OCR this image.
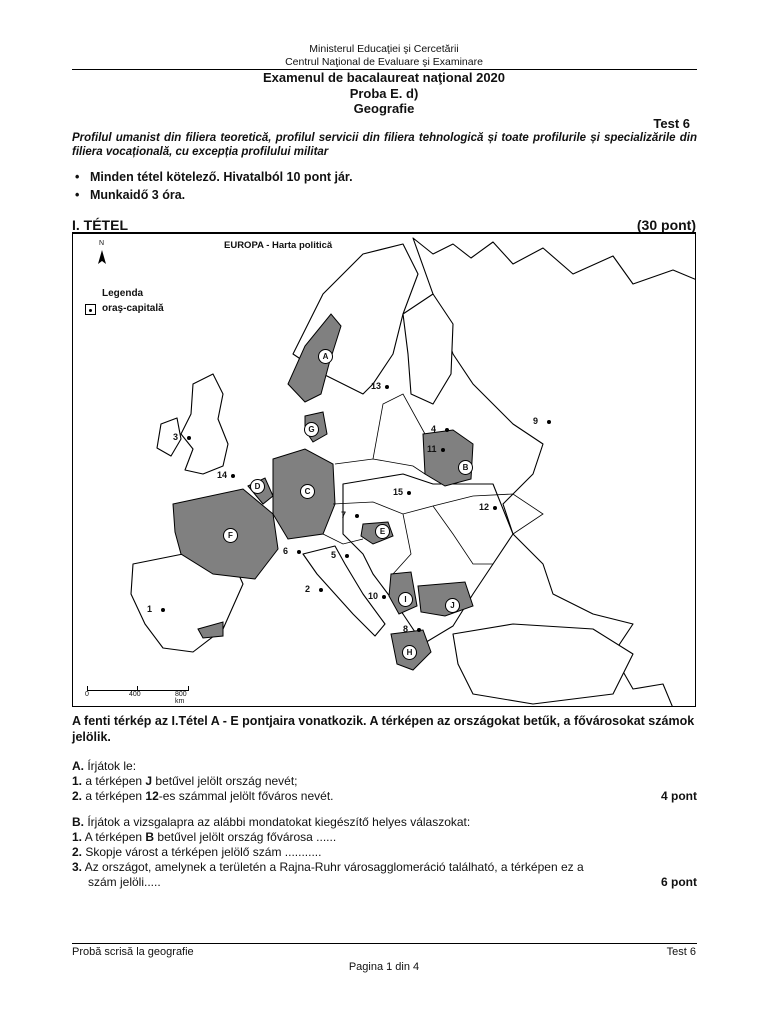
Ministerul Educaţiei şi Cercetării
Centrul Naţional de Evaluare şi Examinare
Examenul de bacalaureat naţional 2020
Proba E. d)
Geografie
Test 6
Profilul umanist din filiera teoretică, profilul servicii din filiera tehnologică și toate profilurile și specializările din filiera vocațională, cu excepția profilului militar
• Minden tétel kötelező. Hivatalból 10 pont jár.
• Munkaidő 3 óra.
I. TÉTEL	(30 pont)
EUROPA - Harta politică
N
Legenda
oraş-capitală
A
B
C
D
E
F
G
H
I
J
1
2
3
4
5
6
7
8
9
10
11
12
13
14
15
0	400	800 km
A fenti térkép az I.Tétel A - E pontjaira vonatkozik. A térképen az országokat betűk, a fővárosokat számok jelölik.
A. Írjátok le:
1. a térképen J betűvel jelölt ország nevét;
2. a térképen 12-es számmal jelölt főváros nevét.	4 pont
B. Írjátok a vizsgalapra az alábbi mondatokat kiegészítő helyes válaszokat:
1. A térképen B betűvel jelölt ország fővárosa ......
2. Skopje várost a térképen jelölő szám ...........
3. Az országot, amelynek a területén a Rajna-Ruhr városagglomeráció található, a térképen ez a
szám jelöli.....	6 pont
Probă scrisă la geografie	Test 6
Pagina 1 din 4
